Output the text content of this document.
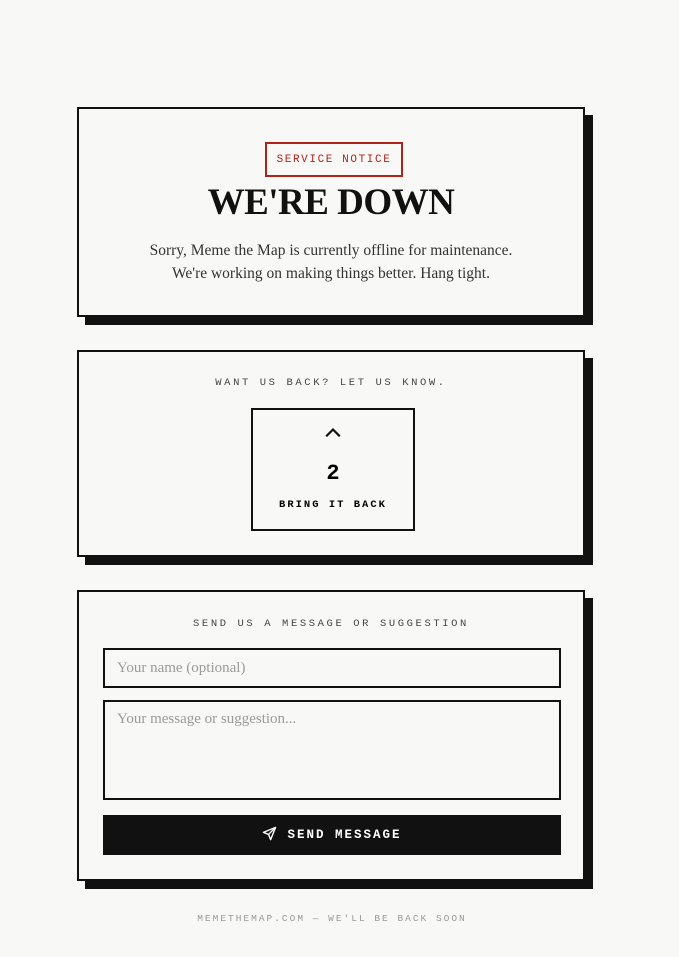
SERVICE NOTICE
WE'RE DOWN
Sorry, Meme the Map is currently offline for maintenance.
We're working on making things better. Hang tight.
WANT US BACK? LET US KNOW.
2
BRING IT BACK
SEND US A MESSAGE OR SUGGESTION
Your name (optional)
Your message or suggestion...
SEND MESSAGE
MEMETHEMAP.COM — WE'LL BE BACK SOON
